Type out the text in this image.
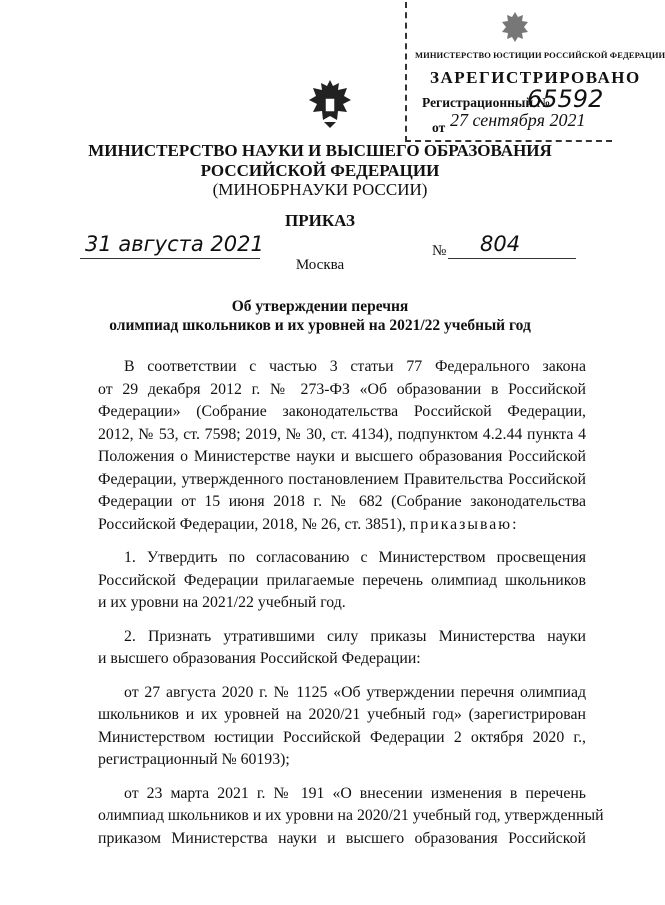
МИНИСТЕРСТВО ЮСТИЦИИ РОССИЙСКОЙ ФЕДЕРАЦИИ
ЗАРЕГИСТРИРОВАНО
Регистрационный №
65592
от 27 сентября 2021
МИНИСТЕРСТВО НАУКИ И ВЫСШЕГО ОБРАЗОВАНИЯ
РОССИЙСКОЙ ФЕДЕРАЦИИ
(МИНОБРНАУКИ РОССИИ)
ПРИКАЗ
31 августа 2021	№ 804
Москва
Об утверждении перечня
олимпиад школьников и их уровней на 2021/22 учебный год
В соответствии с частью 3 статьи 77 Федерального закона
от 29 декабря 2012 г. № 273-ФЗ «Об образовании в Российской
Федерации» (Собрание законодательства Российской Федерации,
2012, № 53, ст. 7598; 2019, № 30, ст. 4134), подпунктом 4.2.44 пункта 4
Положения о Министерстве науки и высшего образования Российской
Федерации, утвержденного постановлением Правительства Российской
Федерации от 15 июня 2018 г. № 682 (Собрание законодательства
Российской Федерации, 2018, № 26, ст. 3851), приказываю:
1. Утвердить по согласованию с Министерством просвещения
Российской Федерации прилагаемые перечень олимпиад школьников
и их уровни на 2021/22 учебный год.
2. Признать утратившими силу приказы Министерства науки
и высшего образования Российской Федерации:
от 27 августа 2020 г. № 1125 «Об утверждении перечня олимпиад
школьников и их уровней на 2020/21 учебный год» (зарегистрирован
Министерством юстиции Российской Федерации 2 октября 2020 г.,
регистрационный № 60193);
от 23 марта 2021 г. № 191 «О внесении изменения в перечень
олимпиад школьников и их уровни на 2020/21 учебный год, утвержденный
приказом Министерства науки и высшего образования Российской
